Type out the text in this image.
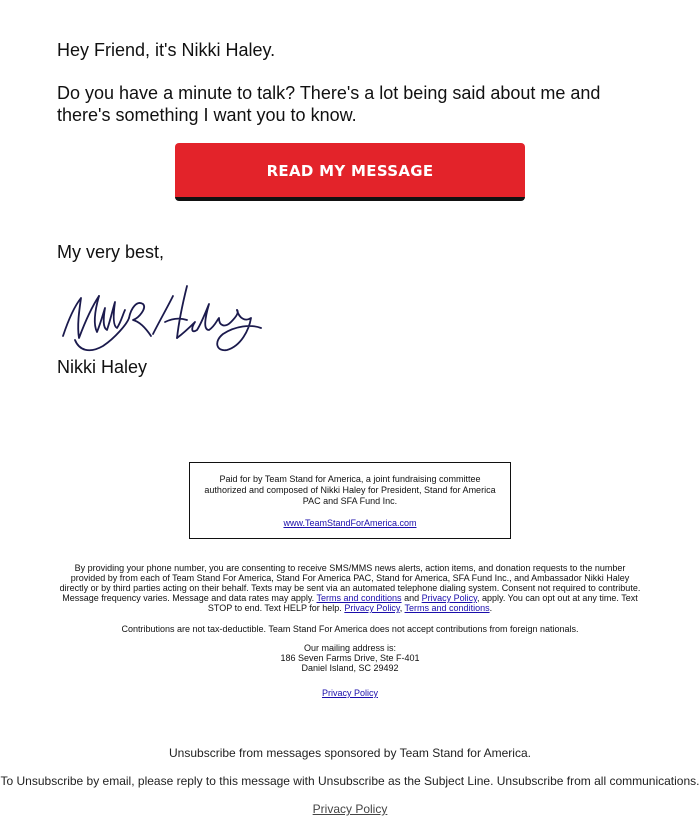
Hey Friend, it's Nikki Haley.

Do you have a minute to talk? There's a lot being said about me and there's something I want you to know.

READ MY MESSAGE

My very best,

Nikki Haley

Paid for by Team Stand for America, a joint fundraising committee authorized and composed of Nikki Haley for President, Stand for America PAC and SFA Fund Inc.

www.TeamStandForAmerica.com

By providing your phone number, you are consenting to receive SMS/MMS news alerts, action items, and donation requests to the number provided by from each of Team Stand For America, Stand For America PAC, Stand for America, SFA Fund Inc., and Ambassador Nikki Haley directly or by third parties acting on their behalf. Texts may be sent via an automated telephone dialing system. Consent not required to contribute. Message frequency varies. Message and data rates may apply. Terms and conditions and Privacy Policy, apply. You can opt out at any time. Text STOP to end. Text HELP for help. Privacy Policy, Terms and conditions.

Contributions are not tax-deductible. Team Stand For America does not accept contributions from foreign nationals.

Our mailing address is:
186 Seven Farms Drive, Ste F-401
Daniel Island, SC 29492
Privacy Policy

Unsubscribe from messages sponsored by Team Stand for America.

To Unsubscribe by email, please reply to this message with Unsubscribe as the Subject Line. Unsubscribe from all communications.

Privacy Policy
